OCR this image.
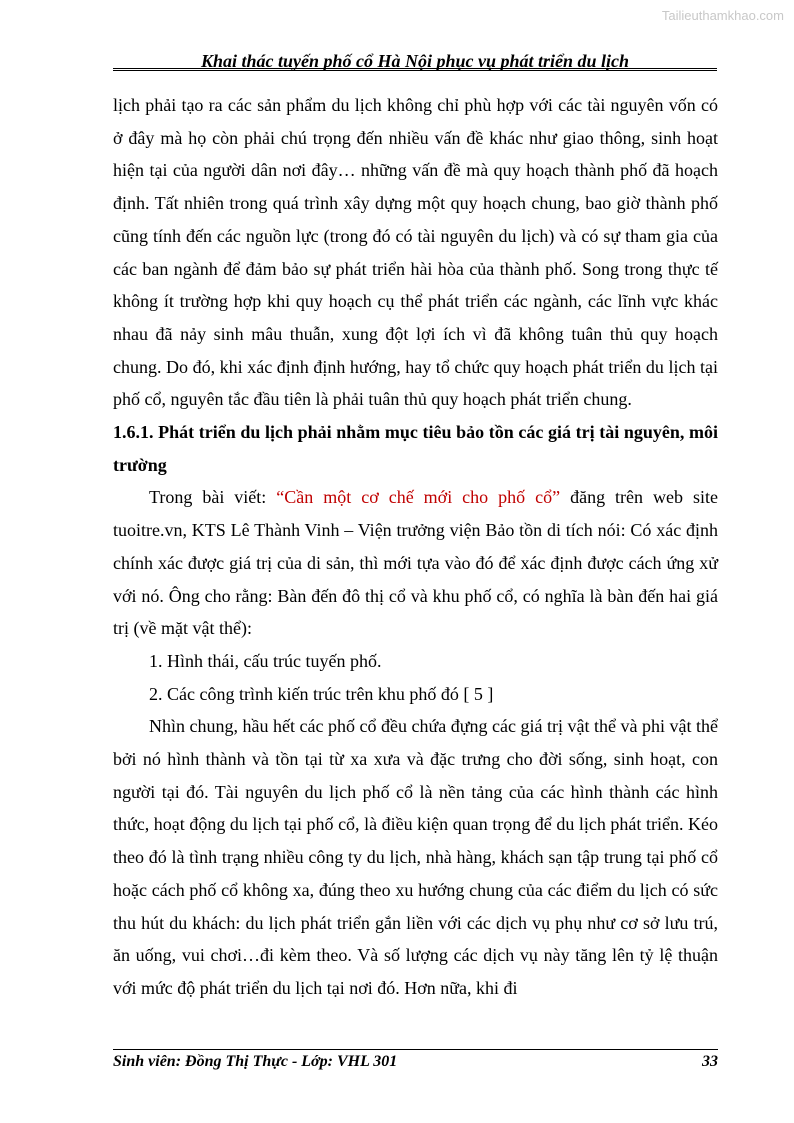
Tailieuthamkhao.com
Khai thác tuyến phố cổ Hà Nội phục vụ phát triển du lịch

lịch phải tạo ra các sản phẩm du lịch không chỉ phù hợp với các tài nguyên vốn có ở đây mà họ còn phải chú trọng đến nhiều vấn đề khác như giao thông, sinh hoạt hiện tại của người dân nơi đây… những vấn đề mà quy hoạch thành phố đã hoạch định. Tất nhiên trong quá trình xây dựng một quy hoạch chung, bao giờ thành phố cũng tính đến các nguồn lực (trong đó có tài nguyên du lịch) và có sự tham gia của các ban ngành để đảm bảo sự phát triển hài hòa của thành phố. Song trong thực tế không ít trường hợp khi quy hoạch cụ thể phát triển các ngành, các lĩnh vực khác nhau đã nảy sinh mâu thuẫn, xung đột lợi ích vì đã không tuân thủ quy hoạch chung. Do đó, khi xác định định hướng, hay tổ chức quy hoạch phát triển du lịch tại phố cổ, nguyên tắc đầu tiên là phải tuân thủ quy hoạch phát triển chung.

1.6.1. Phát triển du lịch phải nhằm mục tiêu bảo tồn các giá trị tài nguyên, môi trường

Trong bài viết: “Cần một cơ chế mới cho phố cổ” đăng trên web site tuoitre.vn, KTS Lê Thành Vinh – Viện trưởng viện Bảo tồn di tích nói: Có xác định chính xác được giá trị của di sản, thì mới tựa vào đó để xác định được cách ứng xử với nó. Ông cho rằng: Bàn đến đô thị cổ và khu phố cổ, có nghĩa là bàn đến hai giá trị (về mặt vật thể):

1. Hình thái, cấu trúc tuyến phố.

2. Các công trình kiến trúc trên khu phố đó [ 5 ]

Nhìn chung, hầu hết các phố cổ đều chứa đựng các giá trị vật thể và phi vật thể bởi nó hình thành và tồn tại từ xa xưa và đặc trưng cho đời sống, sinh hoạt, con người tại đó. Tài nguyên du lịch phố cổ là nền tảng của các hình thành các hình thức, hoạt động du lịch tại phố cổ, là điều kiện quan trọng để du lịch phát triển. Kéo theo đó là tình trạng nhiều công ty du lịch, nhà hàng, khách sạn tập trung tại phố cổ hoặc cách phố cổ không xa, đúng theo xu hướng chung của các điểm du lịch có sức thu hút du khách: du lịch phát triển gắn liền với các dịch vụ phụ như cơ sở lưu trú, ăn uống, vui chơi…đi kèm theo. Và số lượng các dịch vụ này tăng lên tỷ lệ thuận với mức độ phát triển du lịch tại nơi đó. Hơn nữa, khi đi

Sinh viên: Đồng Thị Thực - Lớp: VHL 301	33
